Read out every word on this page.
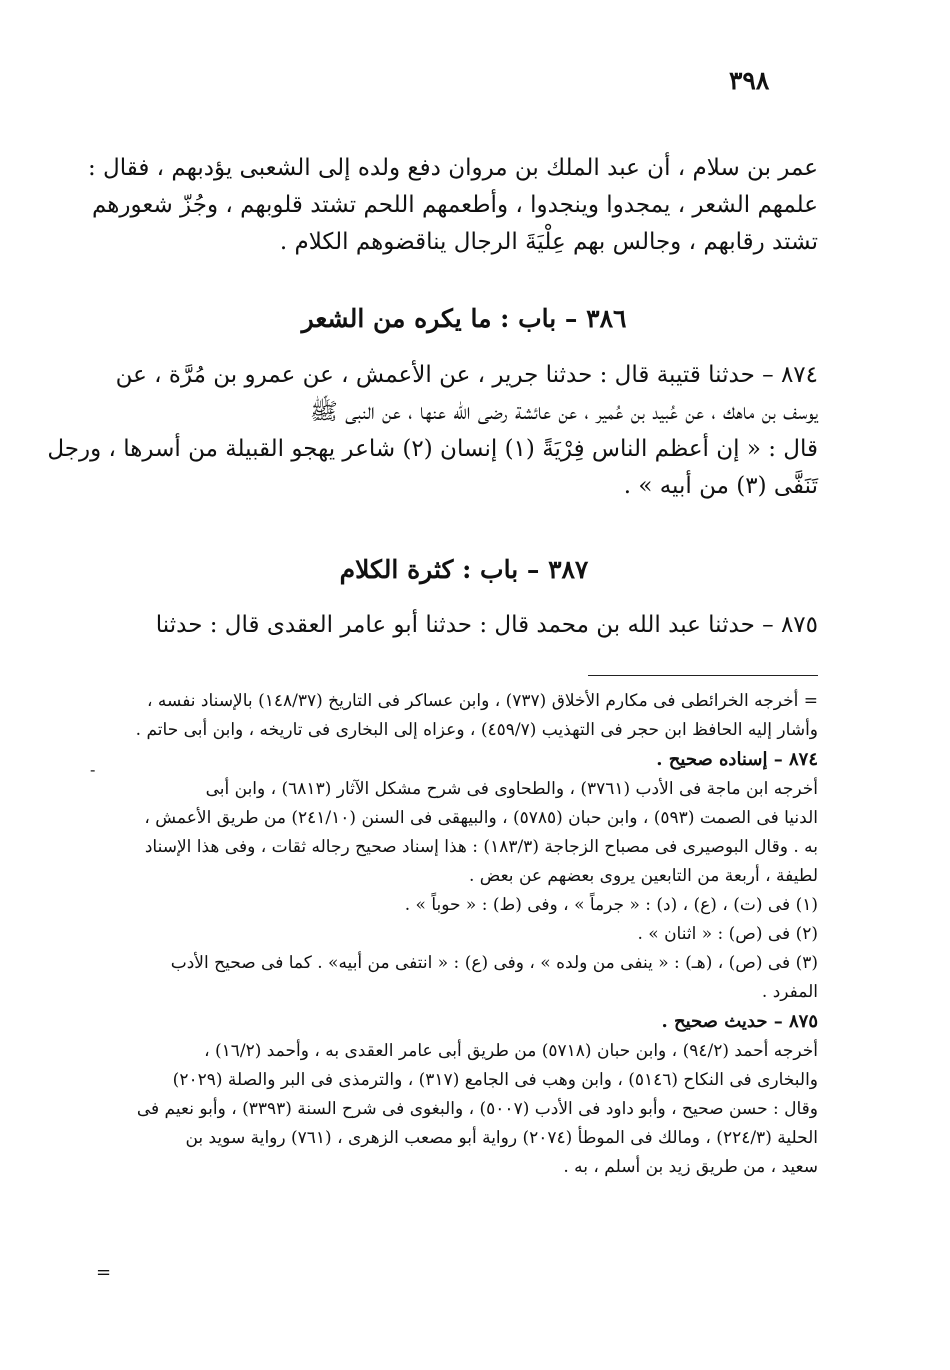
٣٩٨
عمر بن سلام ، أن عبد الملك بن مروان دفع ولده إلى الشعبى يؤدبهم ، فقال :
علمهم الشعر ، يمجدوا وينجدوا ، وأطعمهم اللحم تشتد قلوبهم ، وجُزّ شعورهم
تشتد رقابهم ، وجالس بهم عِلْيَةَ الرجال يناقضوهم الكلام .
٣٨٦ – باب : ما يكره من الشعر
٨٧٤ – حدثنا قتيبة قال : حدثنا جرير ، عن الأعمش ، عن عمرو بن مُرَّة ، عن
يوسف بن ماهك ، عن عُبيد بن عُمير ، عن عائشة رضى الله عنها ، عن النبى ﷺ
قال : « إن أعظم الناس فِرْيَةً (١) إنسان (٢) شاعر يهجو القبيلة من أسرها ، ورجل
تَنَفَّى (٣) من أبيه » .
٣٨٧ – باب : كثرة الكلام
٨٧٥ – حدثنا عبد الله بن محمد قال : حدثنا أبو عامر العقدى قال : حدثنا
-
= أخرجه الخرائطى فى مكارم الأخلاق (٧٣٧) ، وابن عساكر فى التاريخ (١٤٨/٣٧) بالإسناد نفسه ،
وأشار إليه الحافظ ابن حجر فى التهذيب (٤٥٩/٧) ، وعزاه إلى البخارى فى تاريخه ، وابن أبى حاتم .
٨٧٤ – إسناده صحيح .
أخرجه ابن ماجة فى الأدب (٣٧٦١) ، والطحاوى فى شرح مشكل الآثار (٦٨١٣) ، وابن أبى
الدنيا فى الصمت (٥٩٣) ، وابن حبان (٥٧٨٥) ، والبيهقى فى السنن (٢٤١/١٠) من طريق الأعمش ،
به . وقال البوصيرى فى مصباح الزجاجة (١٨٣/٣) : هذا إسناد صحيح رجاله ثقات ، وفى هذا الإسناد
لطيفة ، أربعة من التابعين يروى بعضهم عن بعض .
(١) فى (ت) ، (ع) ، (د) : « جرماً » ، وفى (ط) : « حوباً » .
(٢) فى (ص) : « اثنان » .
(٣) فى (ص) ، (هـ) : « ينفى من ولده » ، وفى (ع) : « انتفى من أبيه» . كما فى صحيح الأدب
المفرد .
٨٧٥ – حديث صحيح .
أخرجه أحمد (٩٤/٢) ، وابن حبان (٥٧١٨) من طريق أبى عامر العقدى به ، وأحمد (١٦/٢) ،
والبخارى فى النكاح (٥١٤٦) ، وابن وهب فى الجامع (٣١٧) ، والترمذى فى البر والصلة (٢٠٢٩)
وقال : حسن صحيح ، وأبو داود فى الأدب (٥٠٠٧) ، والبغوى فى شرح السنة (٣٣٩٣) ، وأبو نعيم فى
الحلية (٢٢٤/٣) ، ومالك فى الموطأ (٢٠٧٤) رواية أبو مصعب الزهرى ، (٧٦١) رواية سويد بن
سعيد ، من طريق زيد بن أسلم ، به .
=
